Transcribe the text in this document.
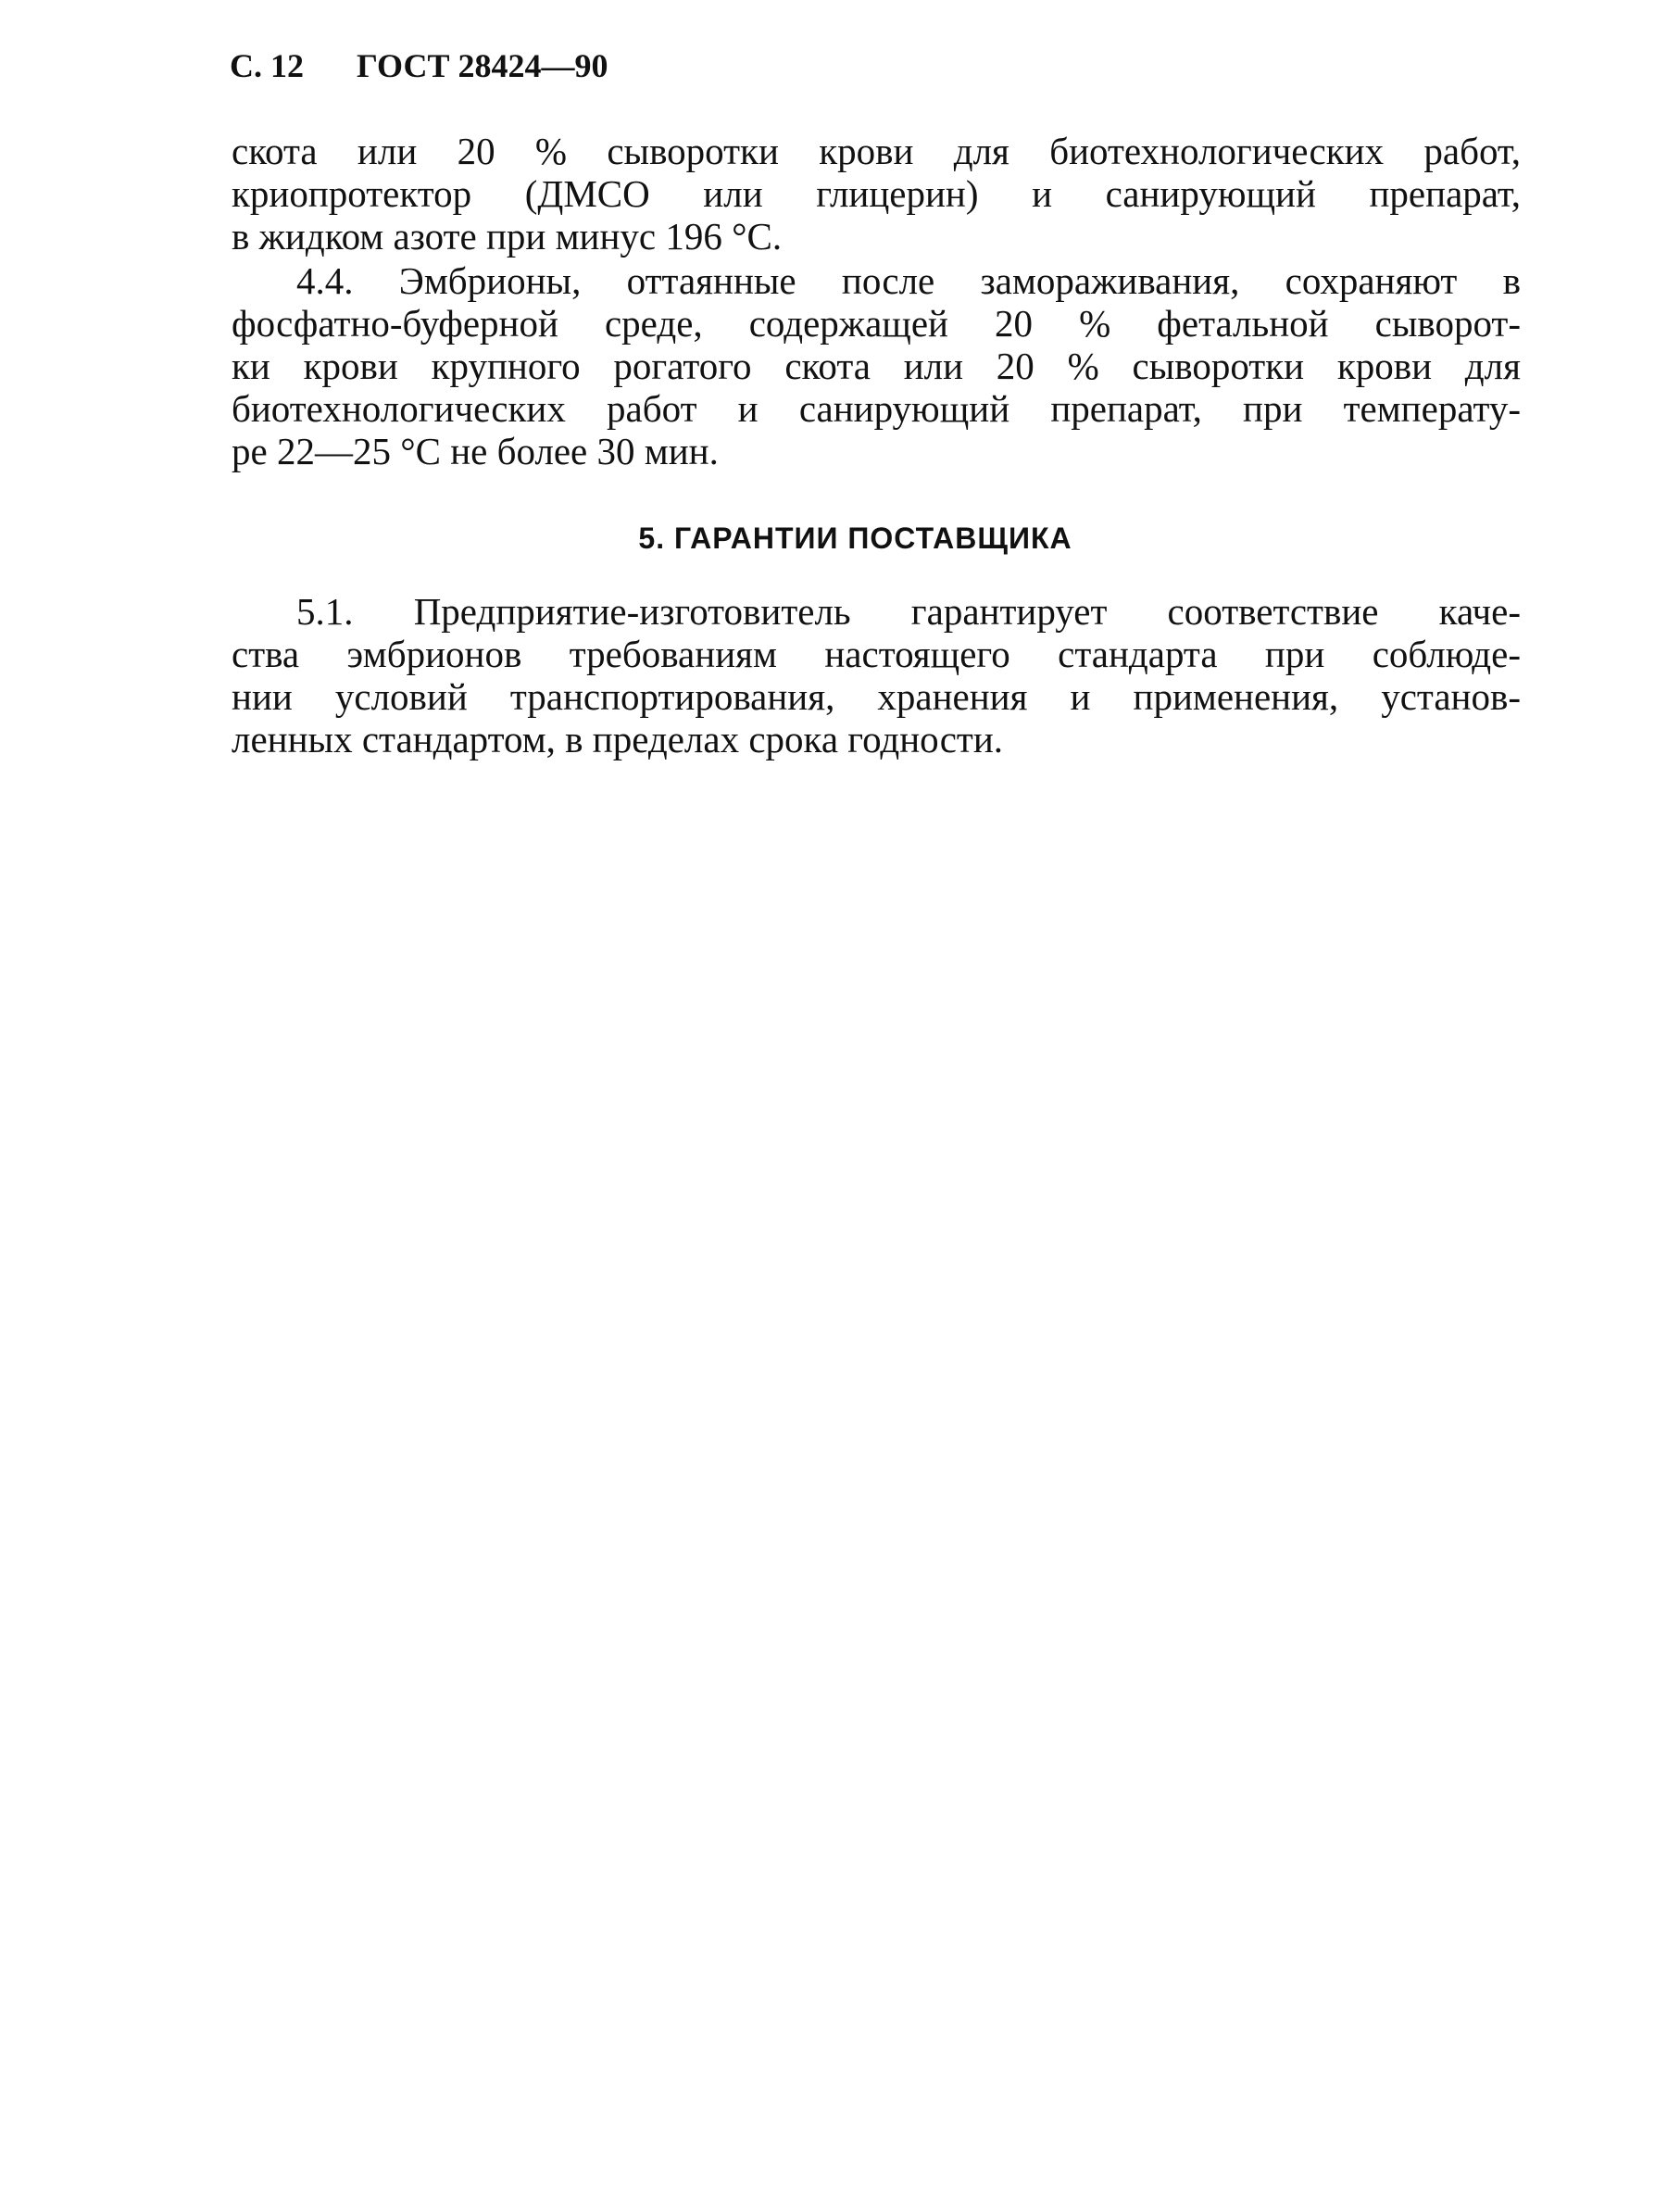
С. 12 ГОСТ 28424—90
скота или 20 % сыворотки крови для биотехнологических работ,
криопротектор (ДМСО или глицерин) и санирующий препарат,
в жидком азоте при минус 196 °С.
4.4. Эмбрионы, оттаянные после замораживания, сохраняют в
фосфатно-буферной среде, содержащей 20 % фетальной сыворот-
ки крови крупного рогатого скота или 20 % сыворотки крови для
биотехнологических работ и санирующий препарат, при температу-
ре 22—25 °С не более 30 мин.
5. ГАРАНТИИ ПОСТАВЩИКА
5.1. Предприятие-изготовитель гарантирует соответствие каче-
ства эмбрионов требованиям настоящего стандарта при соблюде-
нии условий транспортирования, хранения и применения, установ-
ленных стандартом, в пределах срока годности.
